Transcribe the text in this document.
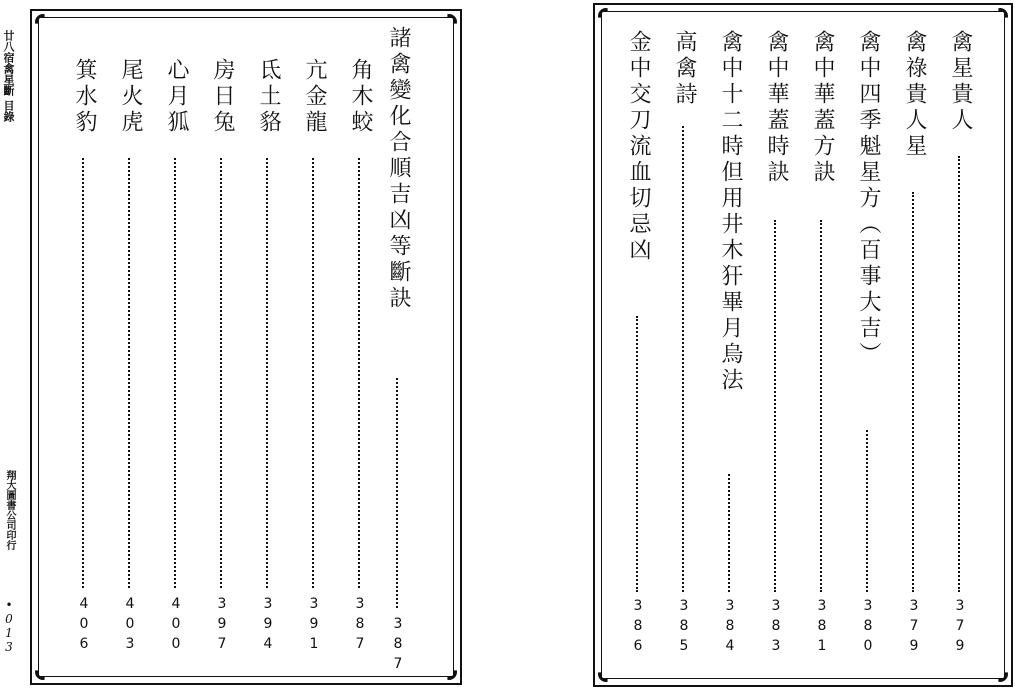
廿八宿禽星斷 目錄
翔大圖書公司印行
•
0
1
3
諸禽變化合順吉凶等斷訣
3
8
7
角木蛟
3
8
7
亢金龍
3
9
1
氐土貉
3
9
4
房日兔
3
9
7
心月狐
4
0
0
尾火虎
4
0
3
箕水豹
4
0
6
禽星貴人
3
7
9
禽祿貴人星
3
7
9
禽中四季魁星方（百事大吉）
3
8
0
禽中華蓋方訣
3
8
1
禽中華蓋時訣
3
8
3
禽中十二時但用井木犴畢月烏法
3
8
4
高禽詩
3
8
5
金中交刀流血切忌凶
3
8
6
